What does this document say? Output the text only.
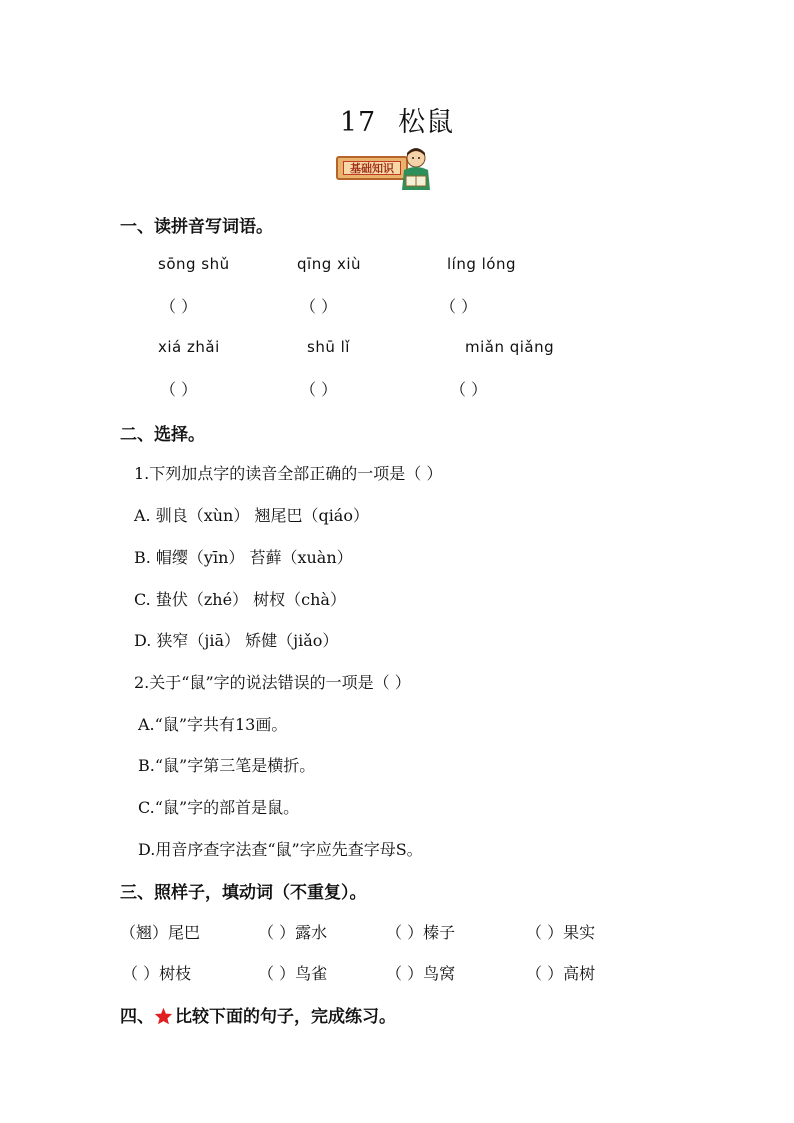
17 松鼠
基础知识
一、读拼音写词语。
sōng shǔ	qīng xiù	líng lóng
（ ）	（ ）	（ ）
xiá zhǎi	shū lǐ	miǎn qiǎng
（ ）	（ ）	（ ）
二、选择。
1.下列加点字的读音全部正确的一项是（ ）
A. 驯良（xùn） 翘尾巴（qiáo）
B. 帽缨（yīn） 苔藓（xuàn）
C. 蛰伏（zhé） 树杈（chà）
D. 狭窄（jiā） 矫健（jiǎo）
2.关于“鼠”字的说法错误的一项是（ ）
A.“鼠”字共有13画。
B.“鼠”字第三笔是横折。
C.“鼠”字的部首是鼠。
D.用音序查字法查“鼠”字应先查字母S。
三、照样子，填动词（不重复）。
（翘）尾巴	（ ）露水	（ ）榛子	（ ）果实
（ ）树枝	（ ）鸟雀	（ ）鸟窝	（ ）高树
四、 比较下面的句子，完成练习。
